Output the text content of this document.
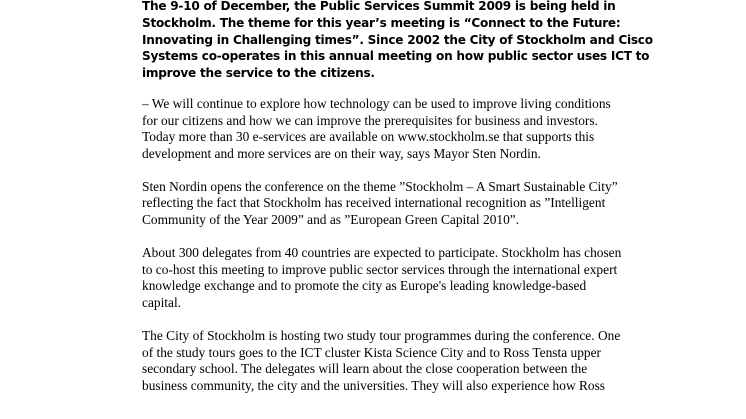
The 9-10 of December, the Public Services Summit 2009 is being held in
Stockholm. The theme for this year’s meeting is “Connect to the Future:
Innovating in Challenging times”. Since 2002 the City of Stockholm and Cisco
Systems co-operates in this annual meeting on how public sector uses ICT to
improve the service to the citizens.

– We will continue to explore how technology can be used to improve living conditions
for our citizens and how we can improve the prerequisites for business and investors.
Today more than 30 e-services are available on www.stockholm.se that supports this
development and more services are on their way, says Mayor Sten Nordin.

Sten Nordin opens the conference on the theme ”Stockholm – A Smart Sustainable City”
reflecting the fact that Stockholm has received international recognition as ”Intelligent
Community of the Year 2009” and as ”European Green Capital 2010”.

About 300 delegates from 40 countries are expected to participate. Stockholm has chosen
to co-host this meeting to improve public sector services through the international expert
knowledge exchange and to promote the city as Europe's leading knowledge-based
capital.

The City of Stockholm is hosting two study tour programmes during the conference. One
of the study tours goes to the ICT cluster Kista Science City and to Ross Tensta upper
secondary school. The delegates will learn about the close cooperation between the
business community, the city and the universities. They will also experience how Ross
